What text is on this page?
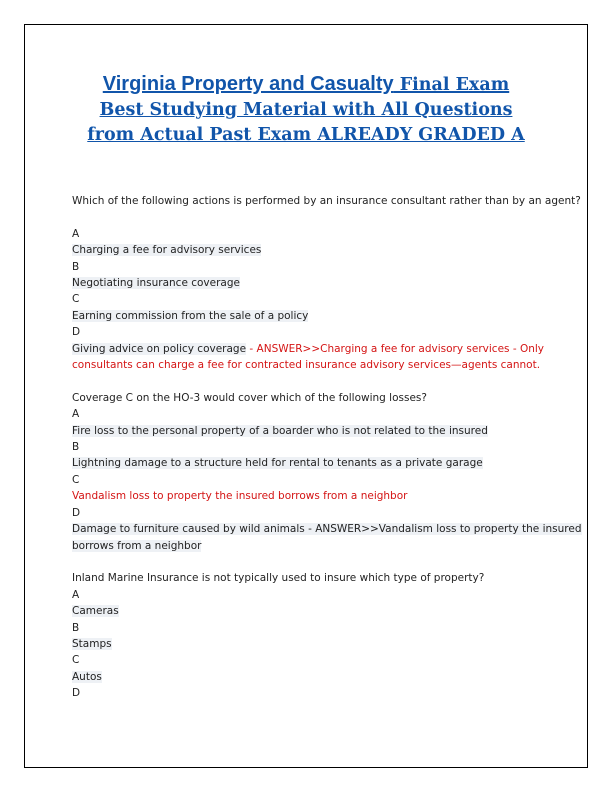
Virginia Property and Casualty Final Exam
Best Studying Material with All Questions
from Actual Past Exam ALREADY GRADED A
Which of the following actions is performed by an insurance consultant rather than by an agent?
A
Charging a fee for advisory services
B
Negotiating insurance coverage
C
Earning commission from the sale of a policy
D
Giving advice on policy coverage - ANSWER>>Charging a fee for advisory services - Only
consultants can charge a fee for contracted insurance advisory services—agents cannot.
Coverage C on the HO-3 would cover which of the following losses?
A
Fire loss to the personal property of a boarder who is not related to the insured
B
Lightning damage to a structure held for rental to tenants as a private garage
C
Vandalism loss to property the insured borrows from a neighbor
D
Damage to furniture caused by wild animals - ANSWER>>Vandalism loss to property the insured
borrows from a neighbor
Inland Marine Insurance is not typically used to insure which type of property?
A
Cameras
B
Stamps
C
Autos
D
